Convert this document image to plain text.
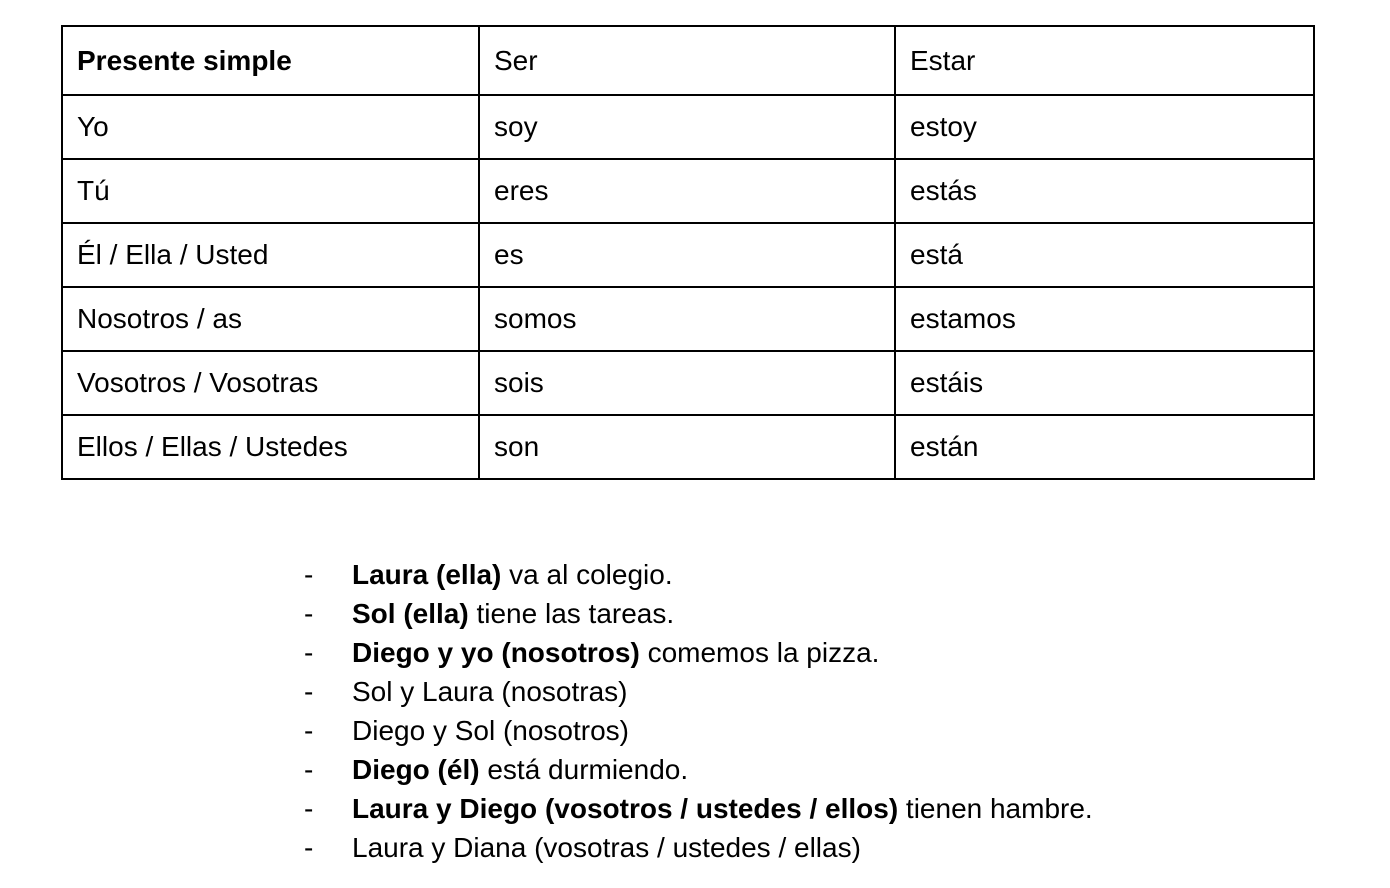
Presente simple	Ser	Estar
Yo	soy	estoy
Tú	eres	estás
Él / Ella / Usted	es	está
Nosotros / as	somos	estamos
Vosotros / Vosotras	sois	estáis
Ellos / Ellas / Ustedes	son	están
- Laura (ella) va al colegio.
- Sol (ella) tiene las tareas.
- Diego y yo (nosotros) comemos la pizza.
- Sol y Laura (nosotras)
- Diego y Sol (nosotros)
- Diego (él) está durmiendo.
- Laura y Diego (vosotros / ustedes / ellos) tienen hambre.
- Laura y Diana (vosotras / ustedes / ellas)
